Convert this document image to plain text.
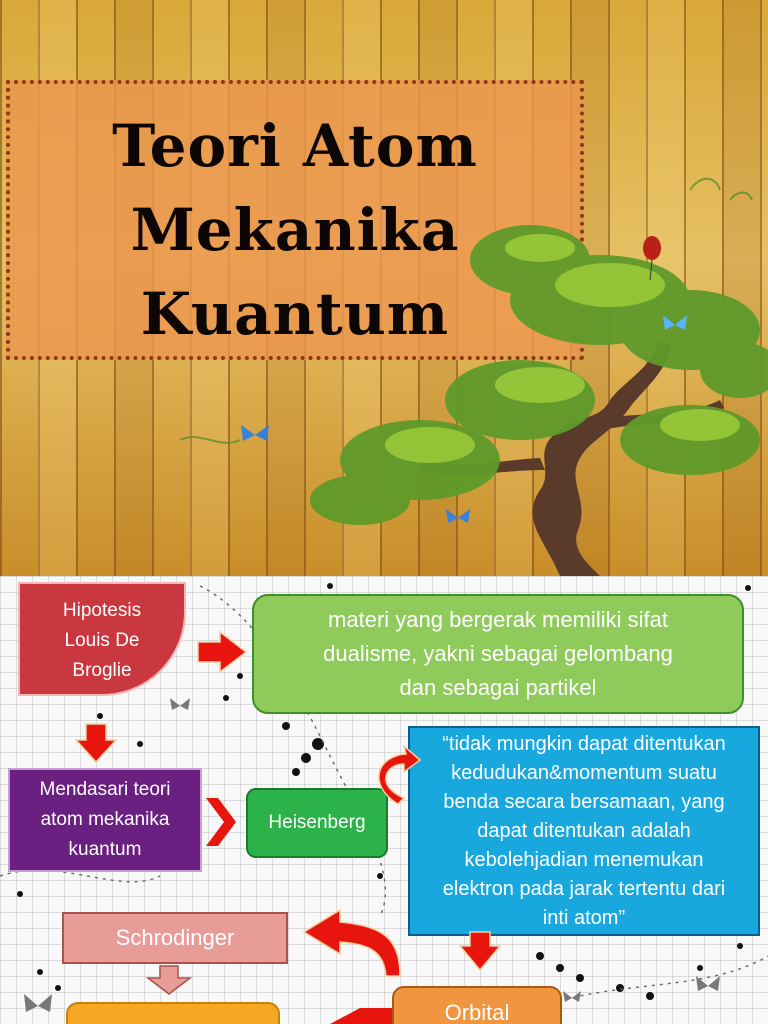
Teori Atom
Mekanika
Kuantum
Hipotesis
Louis De
Broglie
materi yang bergerak memiliki sifat
dualisme, yakni sebagai gelombang
dan sebagai partikel
Mendasari teori
atom mekanika
kuantum
Heisenberg
“tidak mungkin dapat ditentukan
kedudukan&momentum suatu
benda secara bersamaan, yang
dapat ditentukan adalah
kebolehjadian menemukan
elektron pada jarak tertentu dari
inti atom”
Schrodinger
Orbital
